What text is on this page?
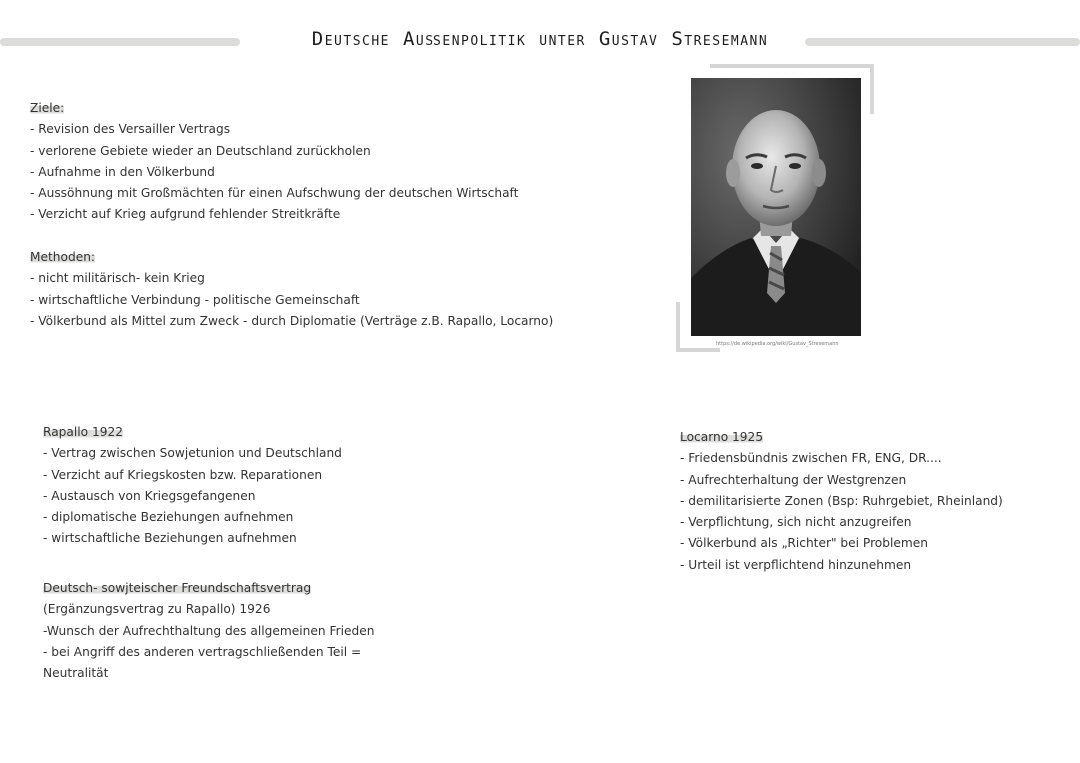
Deutsche Außenpolitik unter Gustav Stresemann
Ziele:
- Revision des Versailler Vertrags
- verlorene Gebiete wieder an Deutschland zurückholen
- Aufnahme in den Völkerbund
- Aussöhnung mit Großmächten für einen Aufschwung der deutschen Wirtschaft
- Verzicht auf Krieg aufgrund fehlender Streitkräfte
Methoden:
- nicht militärisch- kein Krieg
- wirtschaftliche Verbindung - politische Gemeinschaft
- Völkerbund als Mittel zum Zweck - durch Diplomatie (Verträge z.B. Rapallo, Locarno)
https://de.wikipedia.org/wiki/Gustav_Stresemann
Rapallo 1922
- Vertrag zwischen Sowjetunion und Deutschland
- Verzicht auf Kriegskosten bzw. Reparationen
- Austausch von Kriegsgefangenen
- diplomatische Beziehungen aufnehmen
- wirtschaftliche Beziehungen aufnehmen
Deutsch- sowjteischer Freundschaftsvertrag
(Ergänzungsvertrag zu Rapallo) 1926
-Wunsch der Aufrechthaltung des allgemeinen Frieden
- bei Angriff des anderen vertragschließenden Teil =
Neutralität
Locarno 1925
- Friedensbündnis zwischen FR, ENG, DR....
- Aufrechterhaltung der Westgrenzen
- demilitarisierte Zonen (Bsp: Ruhrgebiet, Rheinland)
- Verpflichtung, sich nicht anzugreifen
- Völkerbund als „Richter" bei Problemen
- Urteil ist verpflichtend hinzunehmen
